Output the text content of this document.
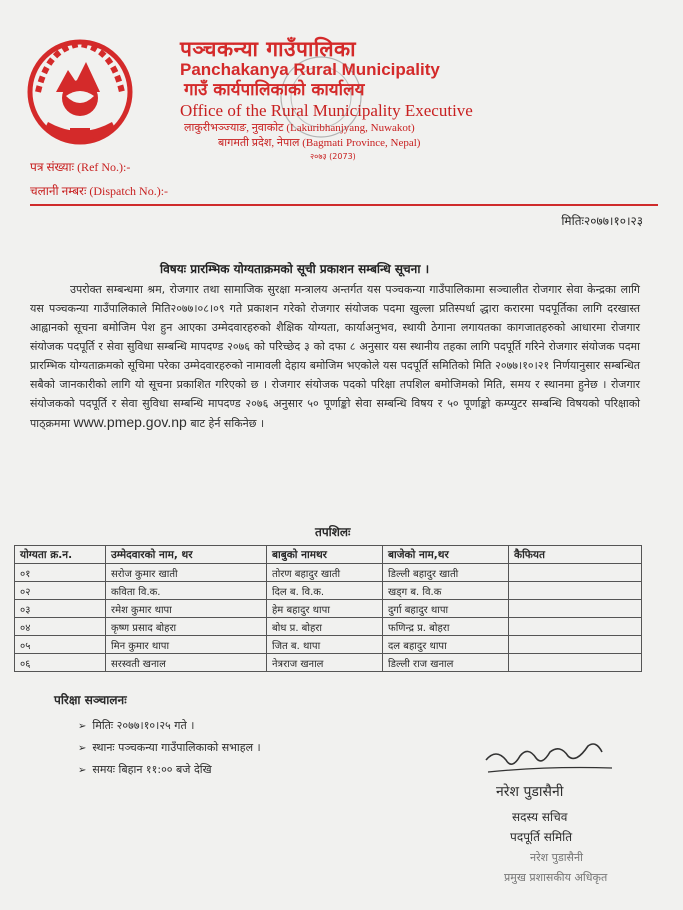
पञ्चकन्या गाउँपालिका
Panchakanya Rural Municipality
गाउँ कार्यपालिकाको कार्यालय
Office of the Rural Municipality Executive
लाकुरीभञ्ज्याङ, नुवाकोट (Lakuribhanjyang, Nuwakot)
बागमती प्रदेश, नेपाल (Bagmati Province, Nepal)
२०७३ (2073)
पत्र संख्याः (Ref No.):-
चलानी नम्बरः (Dispatch No.):-
मितिः२०७७।१०।२३
विषयः प्रारम्भिक योग्यताक्रमको सूची प्रकाशन सम्बन्धि सूचना ।
उपरोक्त सम्बन्धमा श्रम, रोजगार तथा सामाजिक सुरक्षा मन्त्रालय अन्तर्गत यस पञ्चकन्या गाउँपालिकामा सञ्चालीत रोजगार सेवा केन्द्रका लागि यस पञ्चकन्या गाउँपालिकाले मिति२०७७।०८।०९ गते प्रकाशन गरेको रोजगार संयोजक पदमा खुल्ला प्रतिस्पर्धा द्धारा करारमा पदपूर्तिका लागि दरखास्त आह्वानको सूचना बमोजिम पेश हुन आएका उम्मेदवारहरुको शैक्षिक योग्यता, कार्याअनुभव, स्थायी ठेगाना लगायतका कागजातहरुको आधारमा रोजगार संयोजक पदपूर्ति र सेवा सुविधा सम्बन्धि मापदण्ड २०७६ को परिच्छेद ३ को दफा ८ अनुसार यस स्थानीय तहका लागि पदपूर्ति गरिने रोजगार संयोजक पदमा प्रारम्भिक योग्यताक्रमको सूचिमा परेका उम्मेदवारहरुको नामावली देहाय बमोजिम भएकोले यस पदपूर्ति समितिको मिति २०७७।१०।२१ निर्णयानुसार सम्बन्धित सबैको जानकारीको लागि यो सूचना प्रकाशित गरिएको छ । रोजगार संयोजक पदको परिक्षा तपशिल बमोजिमको मिति, समय र स्थानमा हुनेछ । रोजगार संयोजकको पदपूर्ति र सेवा सुविधा सम्बन्धि मापदण्ड २०७६ अनुसार ५० पूर्णाङ्को सेवा सम्बन्धि विषय र ५० पूर्णाङ्को कम्प्युटर सम्बन्धि विषयको परिक्षाको पाठ्क्रममा www.pmep.gov.np बाट हेर्न सकिनेछ ।
तपशिलः
योग्यता क्र.न.	उम्मेदवारको नाम, थर	बाबुको नामथर	बाजेको नाम,थर	कैफियत
०१	सरोज कुमार खाती	तोरण बहादुर खाती	डिल्ली बहादुर खाती	
०२	कविता वि.क.	दिल ब. वि.क.	खड्ग ब. वि.क	
०३	रमेश कुमार थापा	हेम बहादुर थापा	दुर्गा बहादुर थापा	
०४	कृष्ण प्रसाद बोहरा	बोध प्र. बोहरा	फणिन्द्र प्र. बोहरा	
०५	मिन कुमार थापा	जित ब. थापा	दल बहादुर थापा	
०६	सरस्वती खनाल	नेत्रराज खनाल	डिल्ली राज खनाल	
परिक्षा सञ्चालनः
➢ मितिः २०७७।१०।२५ गते ।
➢ स्थानः पञ्चकन्या गाउँपालिकाको सभाहल ।
➢ समयः बिहान ११:०० बजे देखि
नरेश पुडासैनी
सदस्य सचिव
पदपूर्ति समिति
नरेश पुडासैनी
प्रमुख प्रशासकीय अधिकृत
